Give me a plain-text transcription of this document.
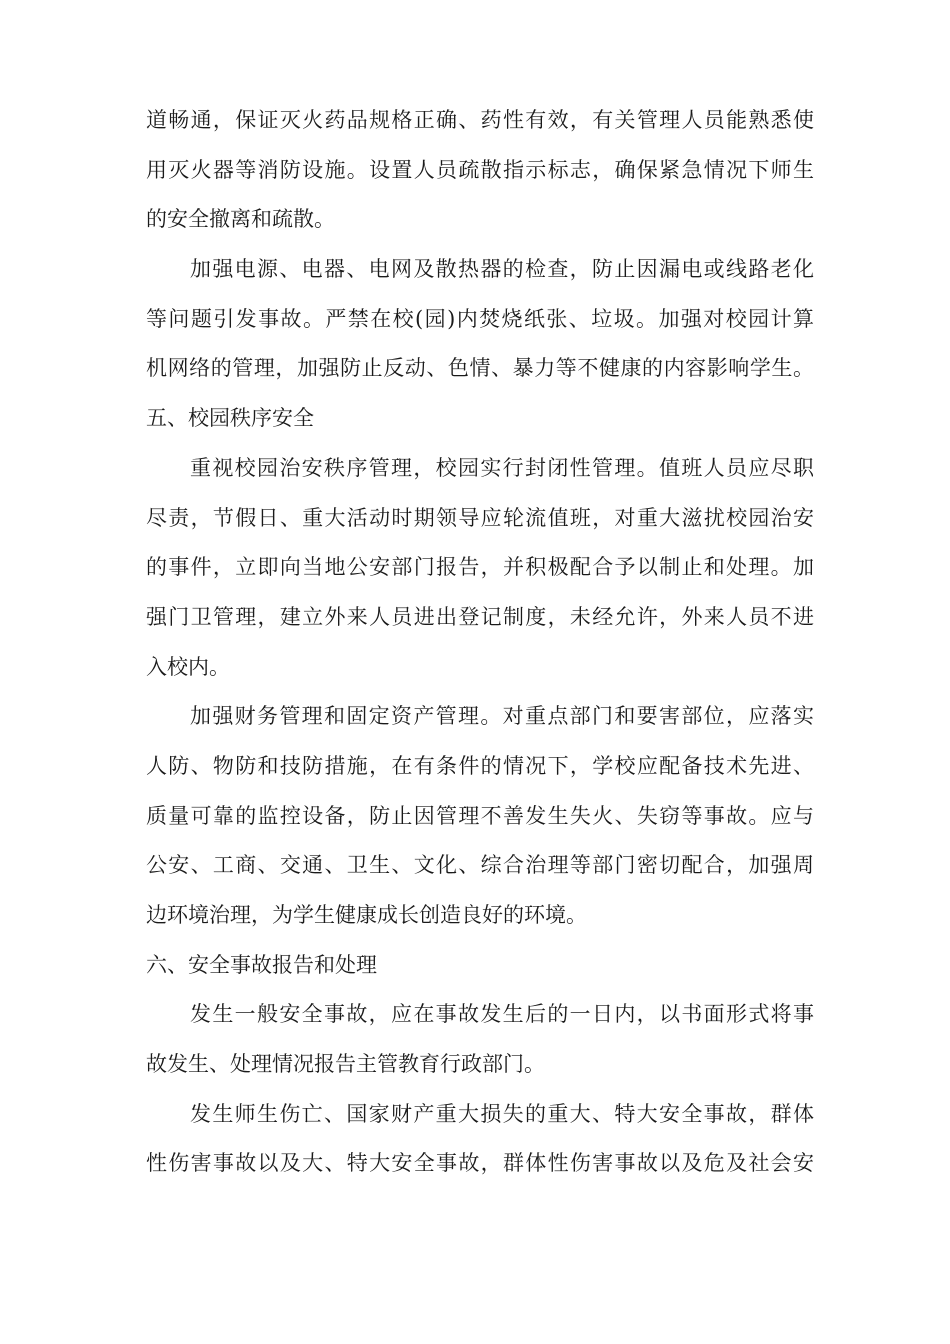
道畅通，保证灭火药品规格正确、药性有效，有关管理人员能熟悉使
用灭火器等消防设施。设置人员疏散指示标志，确保紧急情况下师生
的安全撤离和疏散。
加强电源、电器、电网及散热器的检查，防止因漏电或线路老化
等问题引发事故。严禁在校(园)内焚烧纸张、垃圾。加强对校园计算
机网络的管理，加强防止反动、色情、暴力等不健康的内容影响学生。
五、校园秩序安全
重视校园治安秩序管理，校园实行封闭性管理。值班人员应尽职
尽责，节假日、重大活动时期领导应轮流值班，对重大滋扰校园治安
的事件，立即向当地公安部门报告，并积极配合予以制止和处理。加
强门卫管理，建立外来人员进出登记制度，未经允许，外来人员不进
入校内。
加强财务管理和固定资产管理。对重点部门和要害部位，应落实
人防、物防和技防措施，在有条件的情况下，学校应配备技术先进、
质量可靠的监控设备，防止因管理不善发生失火、失窃等事故。应与
公安、工商、交通、卫生、文化、综合治理等部门密切配合，加强周
边环境治理，为学生健康成长创造良好的环境。
六、安全事故报告和处理
发生一般安全事故，应在事故发生后的一日内，以书面形式将事
故发生、处理情况报告主管教育行政部门。
发生师生伤亡、国家财产重大损失的重大、特大安全事故，群体
性伤害事故以及大、特大安全事故，群体性伤害事故以及危及社会安
